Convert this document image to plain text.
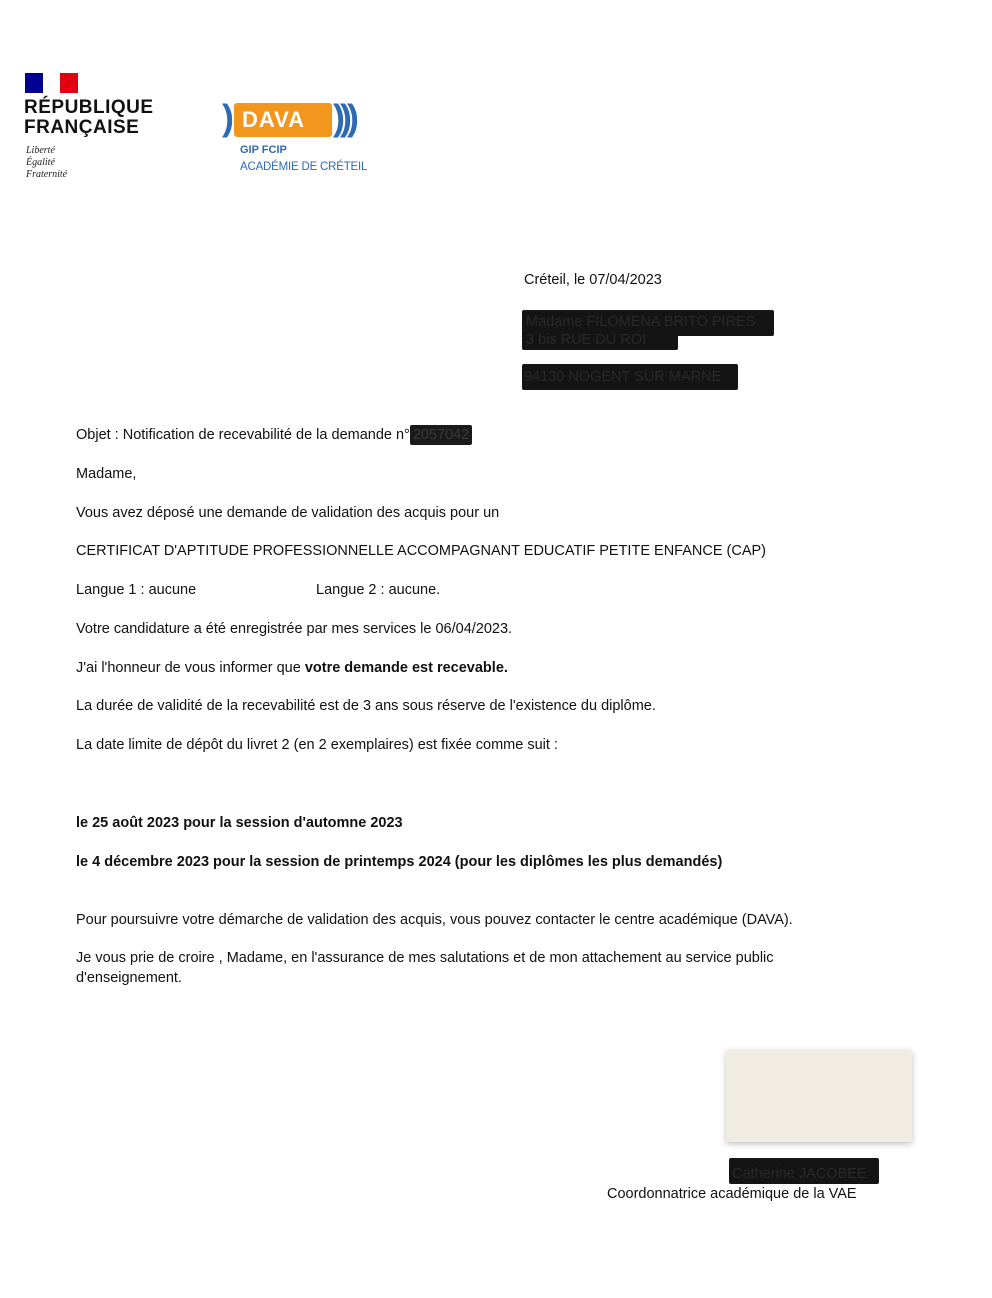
RÉPUBLIQUE
FRANÇAISE
Liberté
Égalité
Fraternité
) DAVA )))
GIP FCIP
ACADÉMIE DE CRÉTEIL
Créteil, le 07/04/2023
Madame FILOMENA BRITO PIRES
3 bis RUE DU ROI
94130 NOGENT SUR MARNE
Objet : Notification de recevabilité de la demande n° 2057042
Madame,
Vous avez déposé une demande de validation des acquis pour un
CERTIFICAT D'APTITUDE PROFESSIONNELLE ACCOMPAGNANT EDUCATIF PETITE ENFANCE (CAP)
Langue 1 : aucune	Langue 2 : aucune.
Votre candidature a été enregistrée par mes services le 06/04/2023.
J'ai l'honneur de vous informer que votre demande est recevable.
La durée de validité de la recevabilité est de 3 ans sous réserve de l'existence du diplôme.
La date limite de dépôt du livret 2 (en 2 exemplaires) est fixée comme suit :
le 25 août 2023 pour la session d'automne 2023
le 4 décembre 2023 pour la session de printemps 2024 (pour les diplômes les plus demandés)
Pour poursuivre votre démarche de validation des acquis, vous pouvez contacter le centre académique (DAVA).
Je vous prie de croire , Madame, en l'assurance de mes salutations et de mon attachement au service public
d'enseignement.
Catherine JACOBEE
Coordonnatrice académique de la VAE
